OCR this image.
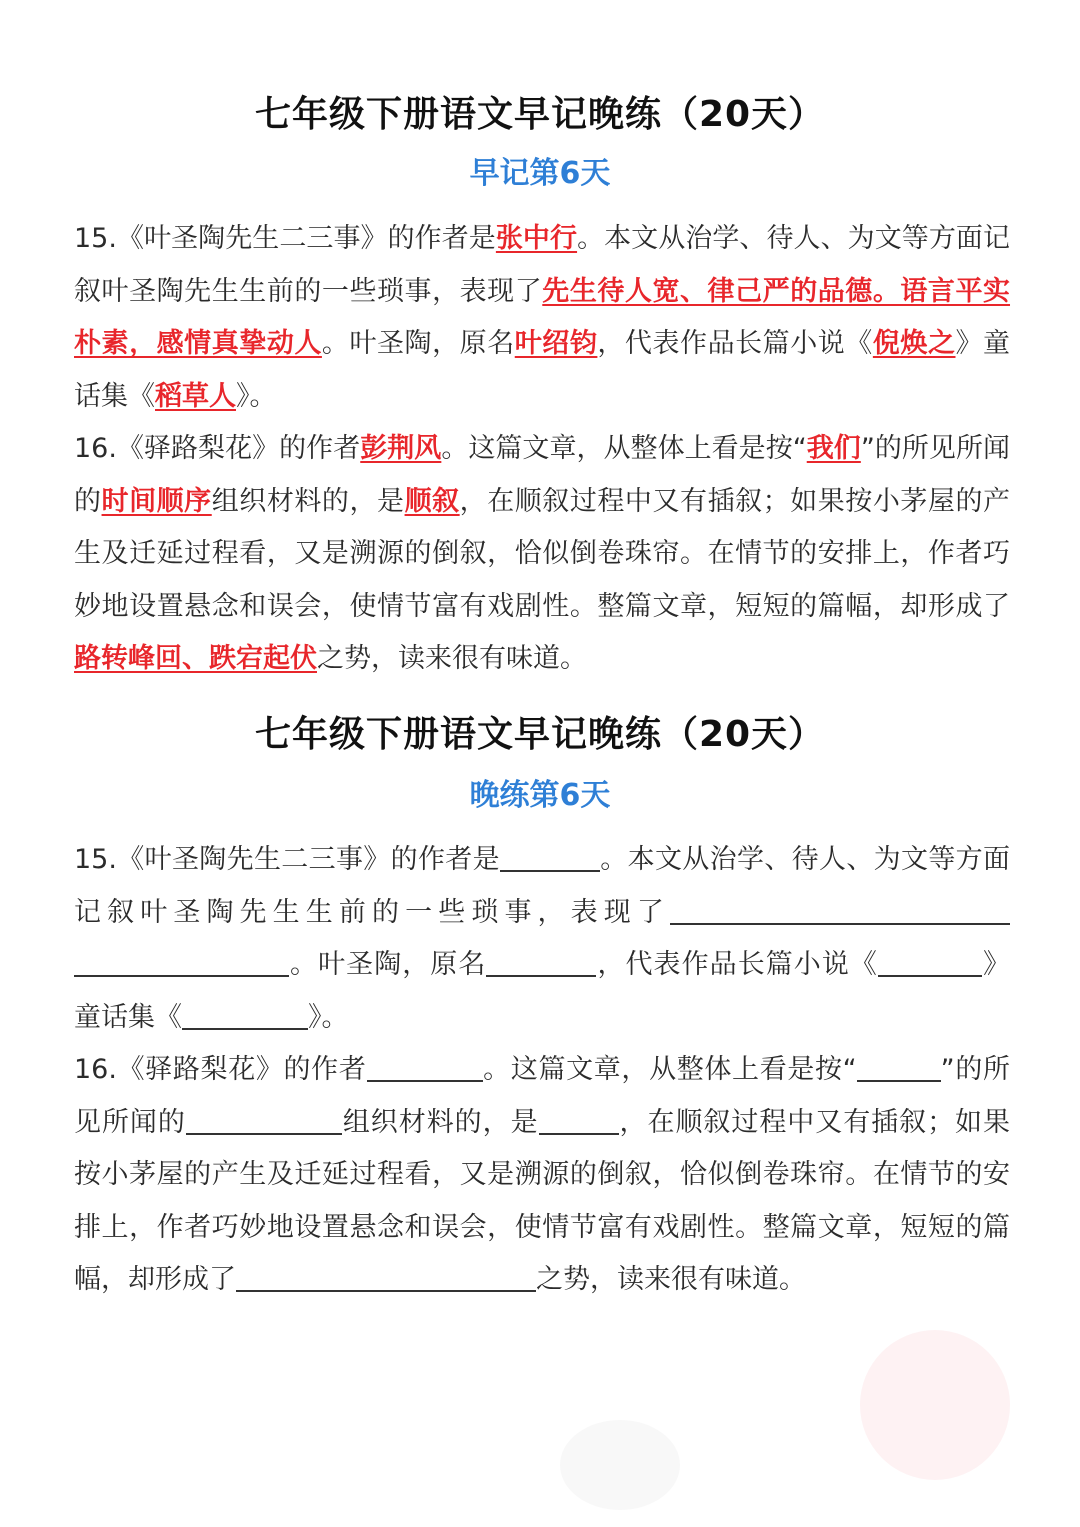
七年级下册语文早记晚练（20天）
早记第6天
15.《叶圣陶先生二三事》的作者是张中行。本文从治学、待人、为文等方面记叙叶圣陶先生生前的一些琐事，表现了先生待人宽、律己严的品德。语言平实朴素，感情真挚动人。叶圣陶，原名叶绍钧，代表作品长篇小说《倪焕之》童话集《稻草人》。
16.《驿路梨花》的作者彭荆风。这篇文章，从整体上看是按“我们”的所见所闻的时间顺序组织材料的，是顺叙，在顺叙过程中又有插叙；如果按小茅屋的产生及迁延过程看，又是溯源的倒叙，恰似倒卷珠帘。在情节的安排上，作者巧妙地设置悬念和误会，使情节富有戏剧性。整篇文章，短短的篇幅，却形成了路转峰回、跌宕起伏之势，读来很有味道。
七年级下册语文早记晚练（20天）
晚练第6天
15.《叶圣陶先生二三事》的作者是	。本文从治学、待人、为文等方面记叙叶圣陶先生生前的一些琐事，表现了。叶圣陶，原名	，代表作品长篇小说《	》童话集《	》。
16.《驿路梨花》的作者	。这篇文章，从整体上看是按“	”的所见所闻的	组织材料的，是	，在顺叙过程中又有插叙；如果按小茅屋的产生及迁延过程看，又是溯源的倒叙，恰似倒卷珠帘。在情节的安排上，作者巧妙地设置悬念和误会，使情节富有戏剧性。整篇文章，短短的篇幅，却形成了	之势，读来很有味道。
